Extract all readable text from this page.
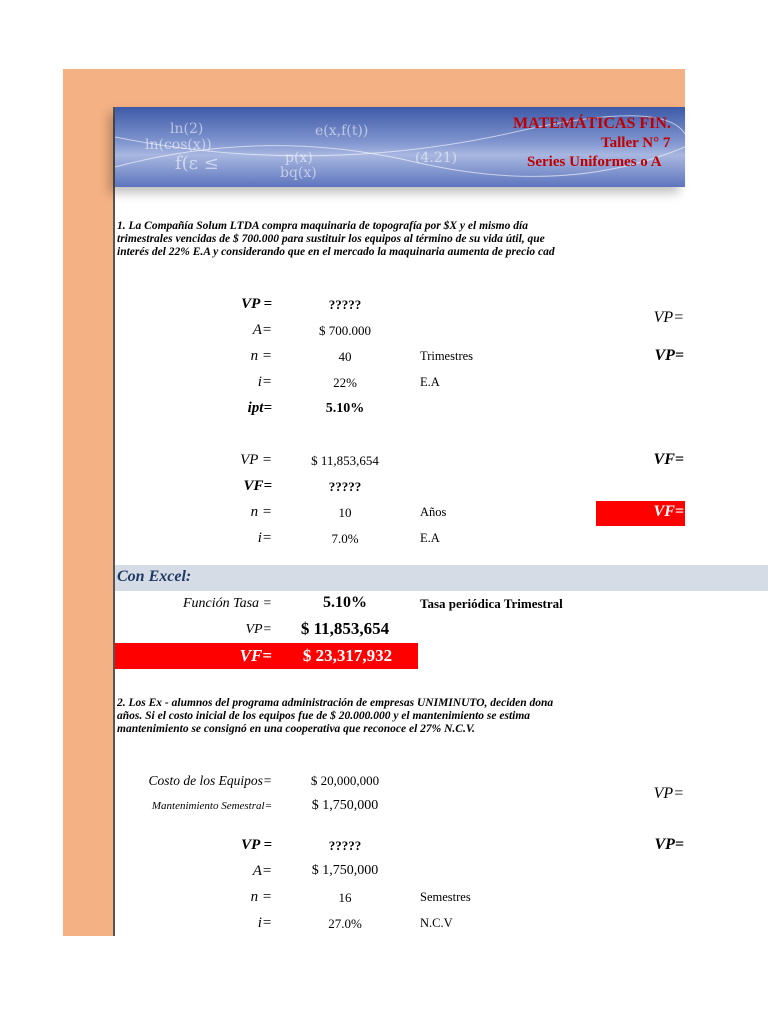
ln(2)	e(x,f(t))
ln(cos(x))
f(ε ≤	p(x)
bq(x)
(4.21)
MATEMÁTICAS FIN.
Taller N° 7
Series Uniformes o A
1. La Compañía Solum LTDA compra maquinaria de topografía por $X y el mismo día
trimestrales vencidas de $ 700.000 para sustituir los equipos al término de su vida útil, que
interés del 22% E.A y considerando que en el mercado la maquinaria aumenta de precio cad
VP =	?????
A=	$ 700.000
n =	40	Trimestres
i=	22%	E.A
ipt=	5.10%
VP =	$ 11,853,654
VF=	?????
n =	10	Años
i=	7.0%	E.A
VP=
VP=
VF=
VF=
Con Excel:
Función Tasa =	5.10%	Tasa periódica Trimestral
VP=	$ 11,853,654
VF=	$ 23,317,932
2. Los Ex - alumnos del programa administración de empresas UNIMINUTO, deciden dona
años. Si el costo inicial de los equipos fue de $ 20.000.000 y el mantenimiento se estima
mantenimiento se consignó en una cooperativa que reconoce el 27% N.C.V.
Costo de los Equipos=	$ 20,000,000
Mantenimiento Semestral=	$ 1,750,000
VP =	?????
A=	$ 1,750,000
n =	16	Semestres
i=	27.0%	N.C.V
VP=
VP=
